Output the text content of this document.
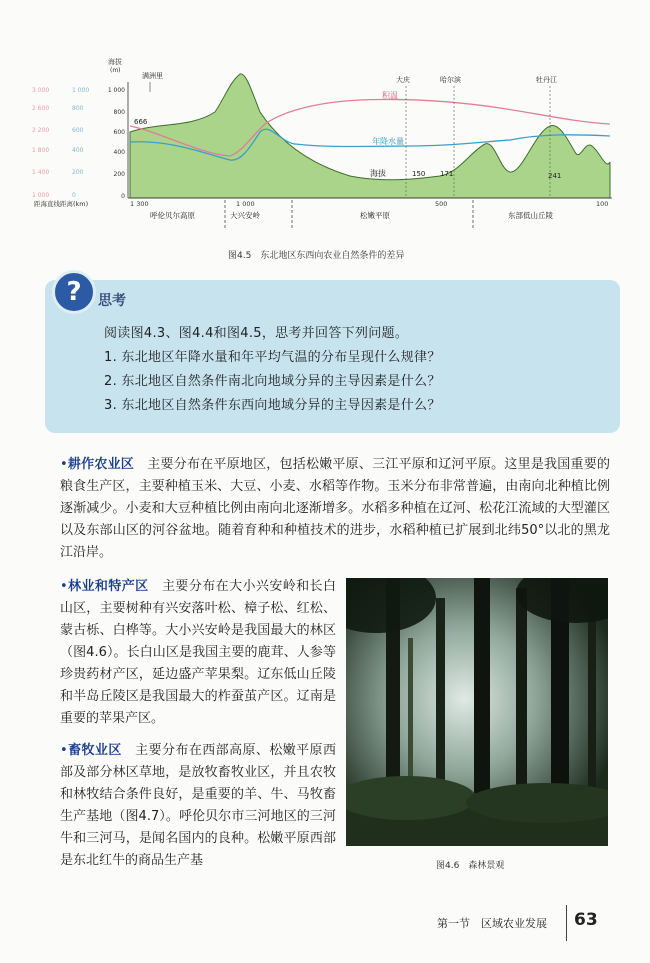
3 000
2 600
2 200
1 800
1 400
1 000
1 000
800
600
400
200
0
1 000
800
600
400
200
0
海拔
(m)
666
150 171	241
海拔
积温
年降水量
满洲里	大庆	哈尔滨	牡丹江
距海直线距离(km)	1 300	1 000	500	100
呼伦贝尔高原	大兴安岭	松嫩平原	东部低山丘陵
图4.5　东北地区东西向农业自然条件的差异
?	思考
阅读图4.3、图4.4和图4.5，思考并回答下列问题。
1. 东北地区年降水量和年平均气温的分布呈现什么规律？
2. 东北地区自然条件南北向地域分异的主导因素是什么？
3. 东北地区自然条件东西向地域分异的主导因素是什么？
•耕作农业区　 主要分布在平原地区，包括松嫩平原、三江平原和辽河平原。这里是我国重要的粮食生产区，主要种植玉米、大豆、小麦、水稻等作物。玉米分布非常普遍，由南向北种植比例逐渐减少。小麦和大豆种植比例由南向北逐渐增多。水稻多种植在辽河、松花江流域的大型灌区以及东部山区的河谷盆地。随着育种和种植技术的进步，水稻种植已扩展到北纬50°以北的黑龙江沿岸。
•林业和特产区　 主要分布在大小兴安岭和长白山区，主要树种有兴安落叶松、樟子松、红松、蒙古栎、白桦等。大小兴安岭是我国最大的林区（图4.6）。长白山区是我国主要的鹿茸、人参等珍贵药材产区，延边盛产苹果梨。辽东低山丘陵和半岛丘陵区是我国最大的柞蚕茧产区。辽南是重要的苹果产区。
•畜牧业区　 主要分布在西部高原、松嫩平原西部及部分林区草地，是放牧畜牧业区，并且农牧和林牧结合条件良好，是重要的羊、牛、马牧畜生产基地（图4.7）。呼伦贝尔市三河地区的三河牛和三河马，是闻名国内的良种。松嫩平原西部是东北红牛的商品生产基	图4.6　森林景观
第一节　区域农业发展 63
